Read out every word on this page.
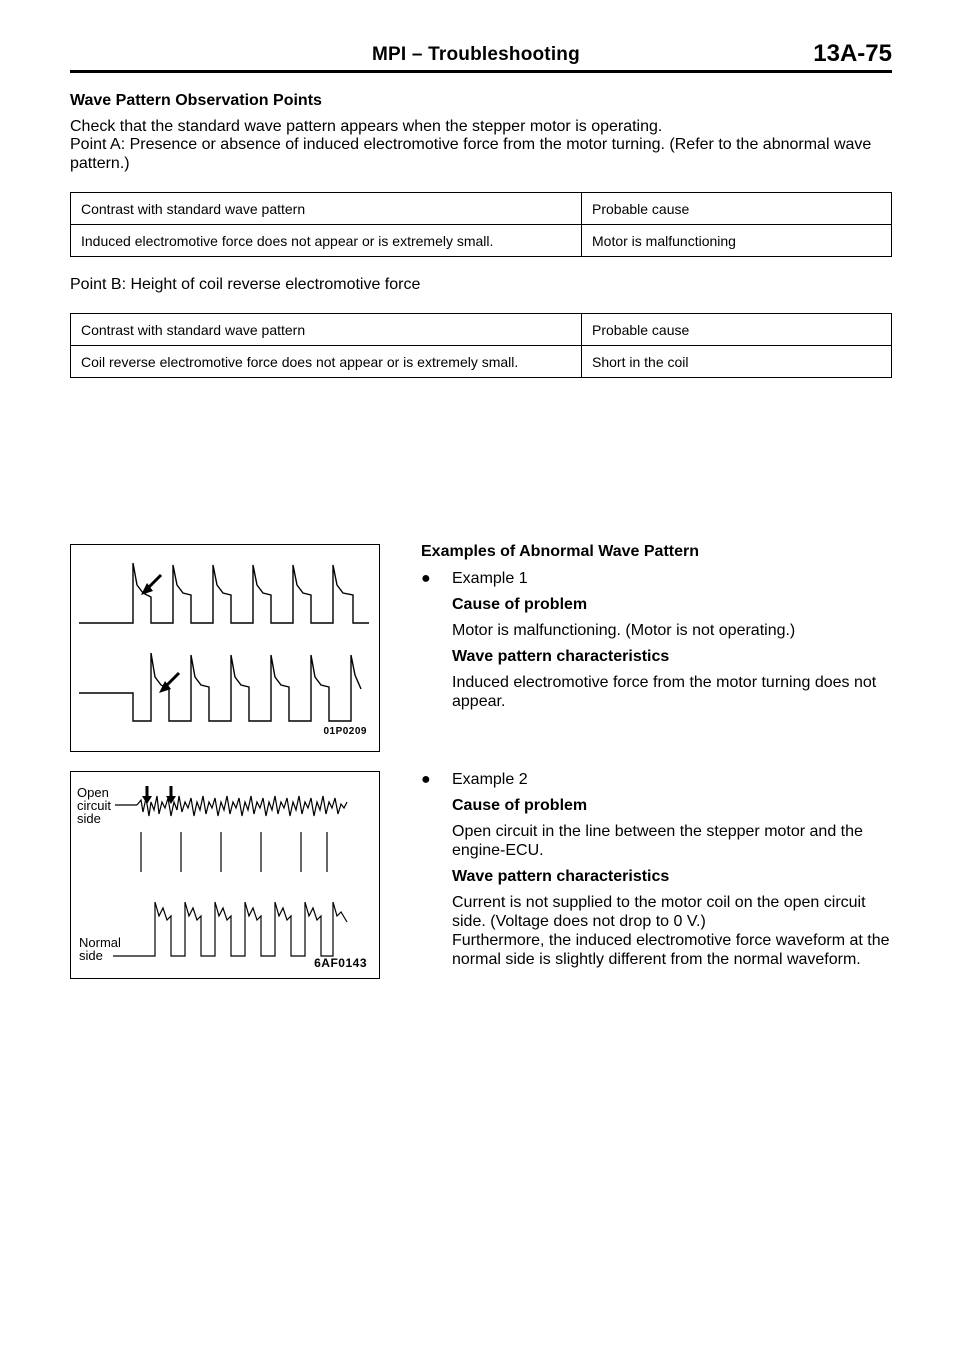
MPI – Troubleshooting	13A-75
Wave Pattern Observation Points
Check that the standard wave pattern appears when the stepper motor is operating.
Point A: Presence or absence of induced electromotive force from the motor turning. (Refer to the abnormal wave pattern.)
Contrast with standard wave pattern	Probable cause
Induced electromotive force does not appear or is extremely small.	Motor is malfunctioning
Point B: Height of coil reverse electromotive force
Contrast with standard wave pattern	Probable cause
Coil reverse electromotive force does not appear or is extremely small.	Short in the coil
01P0209
Open
circuit
side
Normal
side	6AF0143
Examples of Abnormal Wave Pattern
● Example 1
Cause of problem
Motor is malfunctioning. (Motor is not operating.)
Wave pattern characteristics
Induced electromotive force from the motor turning does not appear.
● Example 2
Cause of problem
Open circuit in the line between the stepper motor and the engine-ECU.
Wave pattern characteristics
Current is not supplied to the motor coil on the open circuit side. (Voltage does not drop to 0 V.)
Furthermore, the induced electromotive force waveform at the normal side is slightly different from the normal waveform.
